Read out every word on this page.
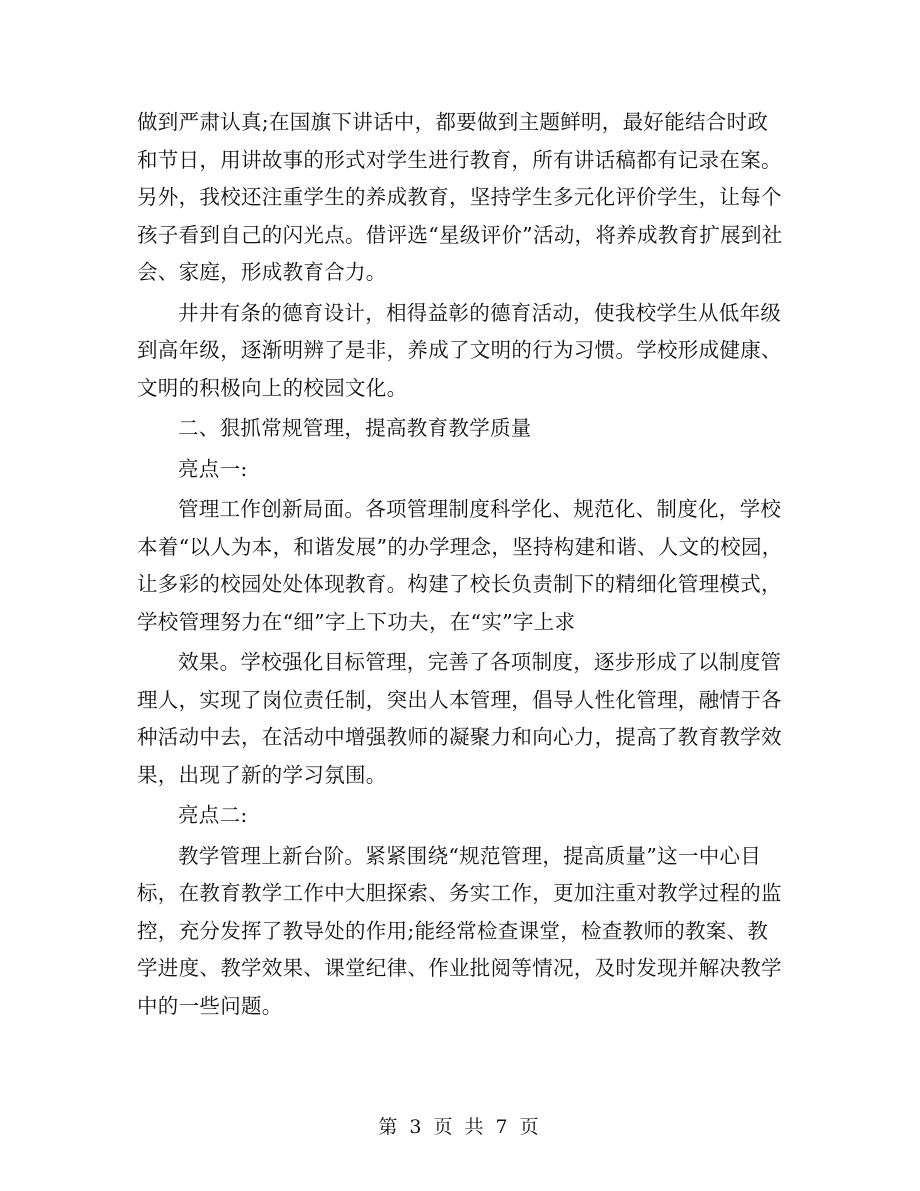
做到严肃认真;在国旗下讲话中，都要做到主题鲜明，最好能结合时政和节日，用讲故事的形式对学生进行教育，所有讲话稿都有记录在案。另外，我校还注重学生的养成教育，坚持学生多元化评价学生，让每个孩子看到自己的闪光点。借评选“星级评价”活动，将养成教育扩展到社会、家庭，形成教育合力。

井井有条的德育设计，相得益彰的德育活动，使我校学生从低年级到高年级，逐渐明辨了是非，养成了文明的行为习惯。学校形成健康、文明的积极向上的校园文化。

二、狠抓常规管理，提高教育教学质量

亮点一:

管理工作创新局面。各项管理制度科学化、规范化、制度化，学校本着“以人为本，和谐发展”的办学理念，坚持构建和谐、人文的校园，让多彩的校园处处体现教育。构建了校长负责制下的精细化管理模式，学校管理努力在“细”字上下功夫，在“实”字上求

效果。学校强化目标管理，完善了各项制度，逐步形成了以制度管理人，实现了岗位责任制，突出人本管理，倡导人性化管理，融情于各种活动中去，在活动中增强教师的凝聚力和向心力，提高了教育教学效果，出现了新的学习氛围。

亮点二:

教学管理上新台阶。紧紧围绕“规范管理，提高质量”这一中心目标，在教育教学工作中大胆探索、务实工作，更加注重对教学过程的监控，充分发挥了教导处的作用;能经常检查课堂，检查教师的教案、教学进度、教学效果、课堂纪律、作业批阅等情况，及时发现并解决教学中的一些问题。

第 3 页 共 7 页
